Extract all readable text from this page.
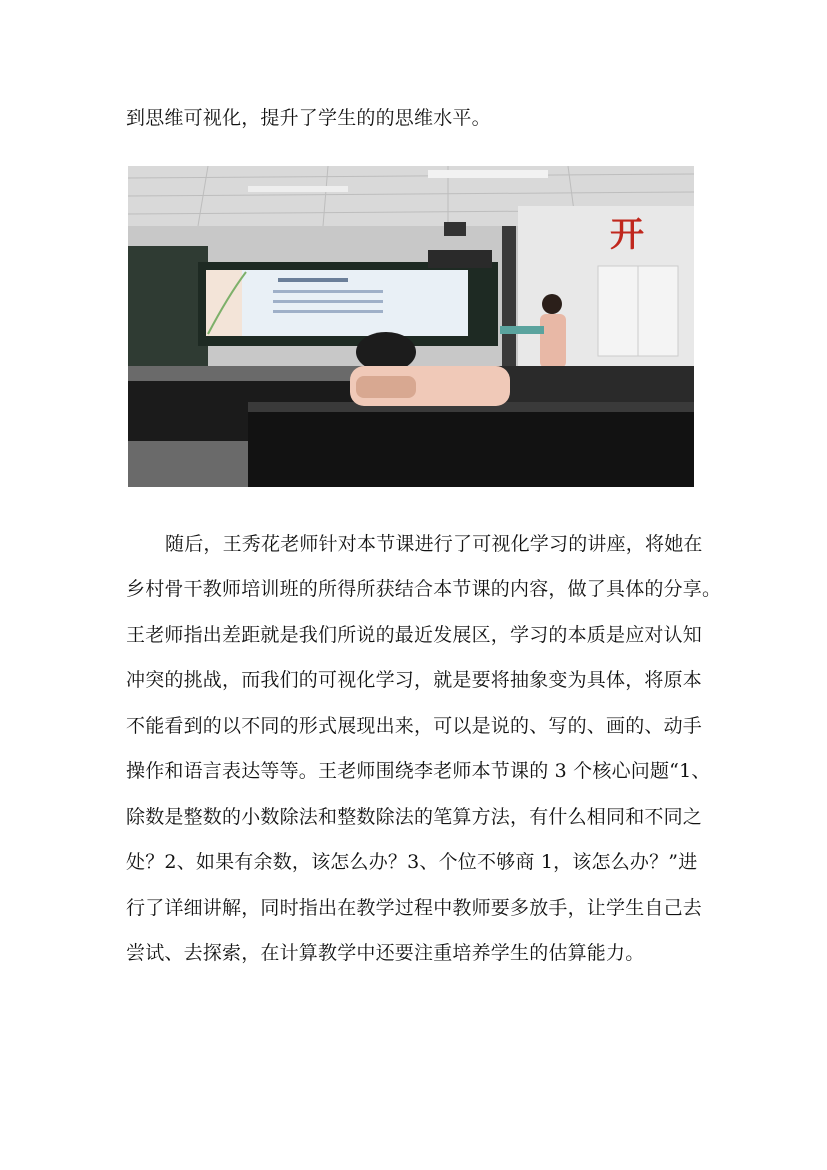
到思维可视化，提升了学生的的思维水平。
开
随后，王秀花老师针对本节课进行了可视化学习的讲座，将她在
乡村骨干教师培训班的所得所获结合本节课的内容，做了具体的分享。
王老师指出差距就是我们所说的最近发展区，学习的本质是应对认知
冲突的挑战，而我们的可视化学习，就是要将抽象变为具体，将原本
不能看到的以不同的形式展现出来，可以是说的、写的、画的、动手
操作和语言表达等等。王老师围绕李老师本节课的 3 个核心问题“1、
除数是整数的小数除法和整数除法的笔算方法，有什么相同和不同之
处？2、如果有余数，该怎么办？3、个位不够商 1，该怎么办？”进
行了详细讲解，同时指出在教学过程中教师要多放手，让学生自己去
尝试、去探索，在计算教学中还要注重培养学生的估算能力。
